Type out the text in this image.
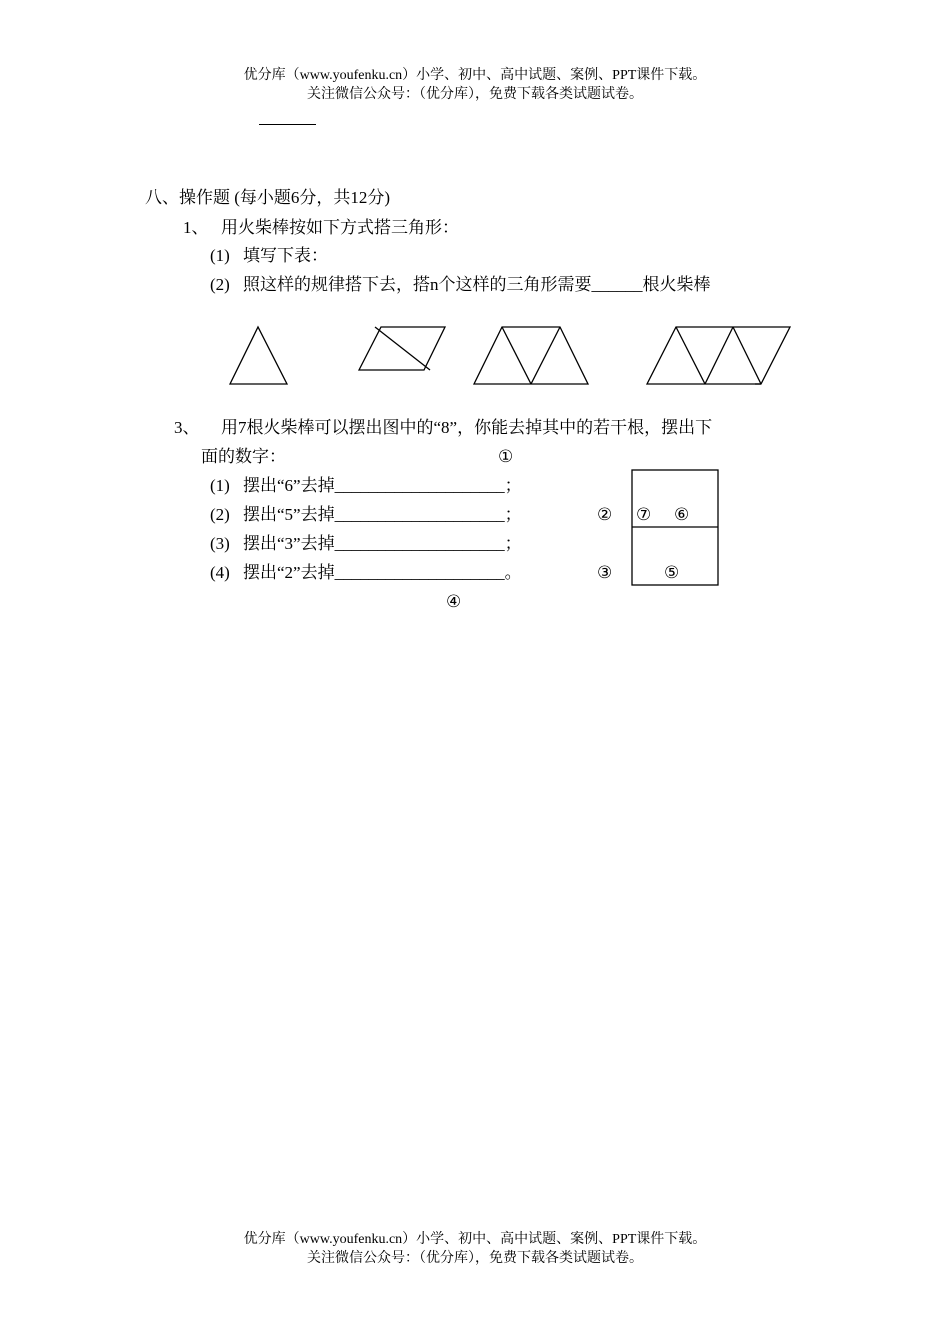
优分库（www.youfenku.cn）小学、初中、高中试题、案例、PPT课件下载。
关注微信公众号：（优分库），免费下载各类试题试卷。
八、操作题 (每小题6分，共12分)
1、 用火柴棒按如下方式搭三角形：
(1) 填写下表：
(2) 照这样的规律搭下去，搭n个这样的三角形需要______根火柴棒
3、 用7根火柴棒可以摆出图中的“8”，你能去掉其中的若干根，摆出下
面的数字：
(1) 摆出“6”去掉____________________；
(2) 摆出“5”去掉____________________；
(3) 摆出“3”去掉____________________；
(4) 摆出“2”去掉____________________。
①
② ⑦ ⑥
③	⑤
④
优分库（www.youfenku.cn）小学、初中、高中试题、案例、PPT课件下载。
关注微信公众号：（优分库），免费下载各类试题试卷。
